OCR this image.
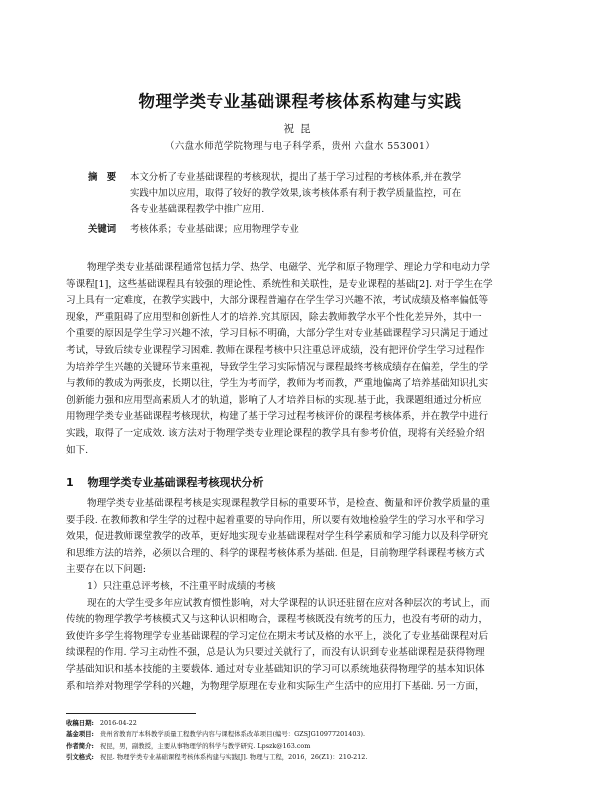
物理学类专业基础课程考核体系构建与实践
祝昆
（六盘水师范学院物理与电子科学系，贵州 六盘水 553001）
摘　要 本文分析了专业基础课程的考核现状，提出了基于学习过程的考核体系,并在教学
实践中加以应用，取得了较好的教学效果,该考核体系有利于教学质量监控，可在
各专业基础课程教学中推广应用.
关键词 考核体系；专业基础课；应用物理学专业
物理学类专业基础课程通常包括力学、热学、电磁学、光学和原子物理学、理论力学和电动力学
等课程[1]，这些基础课程具有较强的理论性、系统性和关联性，是专业课程的基础[2]. 对于学生在学
习上具有一定难度，在教学实践中，大部分课程普遍存在学生学习兴趣不浓，考试成绩及格率偏低等
现象，严重阻碍了应用型和创新性人才的培养.究其原因，除去教师教学水平个性化差异外，其中一
个重要的原因是学生学习兴趣不浓，学习目标不明确，大部分学生对专业基础课程学习只满足于通过
考试，导致后续专业课程学习困难. 教师在课程考核中只注重总评成绩，没有把评价学生学习过程作
为培养学生兴趣的关键环节来重视，导致学生学习实际情况与课程最终考核成绩存在偏差，学生的学
与教师的教成为两张皮，长期以往，学生为考而学，教师为考而教，严重地偏离了培养基础知识扎实
创新能力强和应用型高素质人才的轨道，影响了人才培养目标的实现.基于此，我课题组通过分析应
用物理学类专业基础课程考核现状，构建了基于学习过程考核评价的课程考核体系，并在教学中进行
实践，取得了一定成效. 该方法对于物理学类专业理论课程的教学具有参考价值，现将有关经验介绍
如下.
1 物理学类专业基础课程考核现状分析
物理学类专业基础课程考核是实现课程教学目标的重要环节，是检查、衡量和评价教学质量的重
要手段. 在教师教和学生学的过程中起着重要的导向作用，所以要有效地检验学生的学习水平和学习
效果，促进教师课堂教学的改革，更好地实现专业基础课程对学生科学素质和学习能力以及科学研究
和思维方法的培养，必须以合理的、科学的课程考核体系为基础. 但是，目前物理学科课程考核方式
主要存在以下问题:
1）只注重总评考核，不注重平时成绩的考核
现在的大学生受多年应试教育惯性影响，对大学课程的认识还驻留在应对各种层次的考试上，而
传统的物理学教学考核模式又与这种认识相吻合，课程考核既没有统考的压力，也没有考研的动力，
致使许多学生将物理学专业基础课程的学习定位在期末考试及格的水平上，淡化了专业基础课程对后
续课程的作用. 学习主动性不强，总是认为只要过关就行了，而没有认识到专业基础课程是获得物理
学基础知识和基本技能的主要载体. 通过对专业基础知识的学习可以系统地获得物理学的基本知识体
系和培养对物理学学科的兴趣，为物理学原理在专业和实际生产生活中的应用打下基础. 另一方面，
收稿日期: 2016-04-22
基金项目: 贵州省教育厅本科教学质量工程教学内容与课程体系改革项目(编号：GZSJG10977201403).
作者简介: 祝昆，男，副教授，主要从事物理学的科学与教学研究. Lpszk@163.com
引文格式: 祝昆. 物理学类专业基础课程考核体系构建与实践[J]. 物理与工程，2016，26(Z1)：210-212.
